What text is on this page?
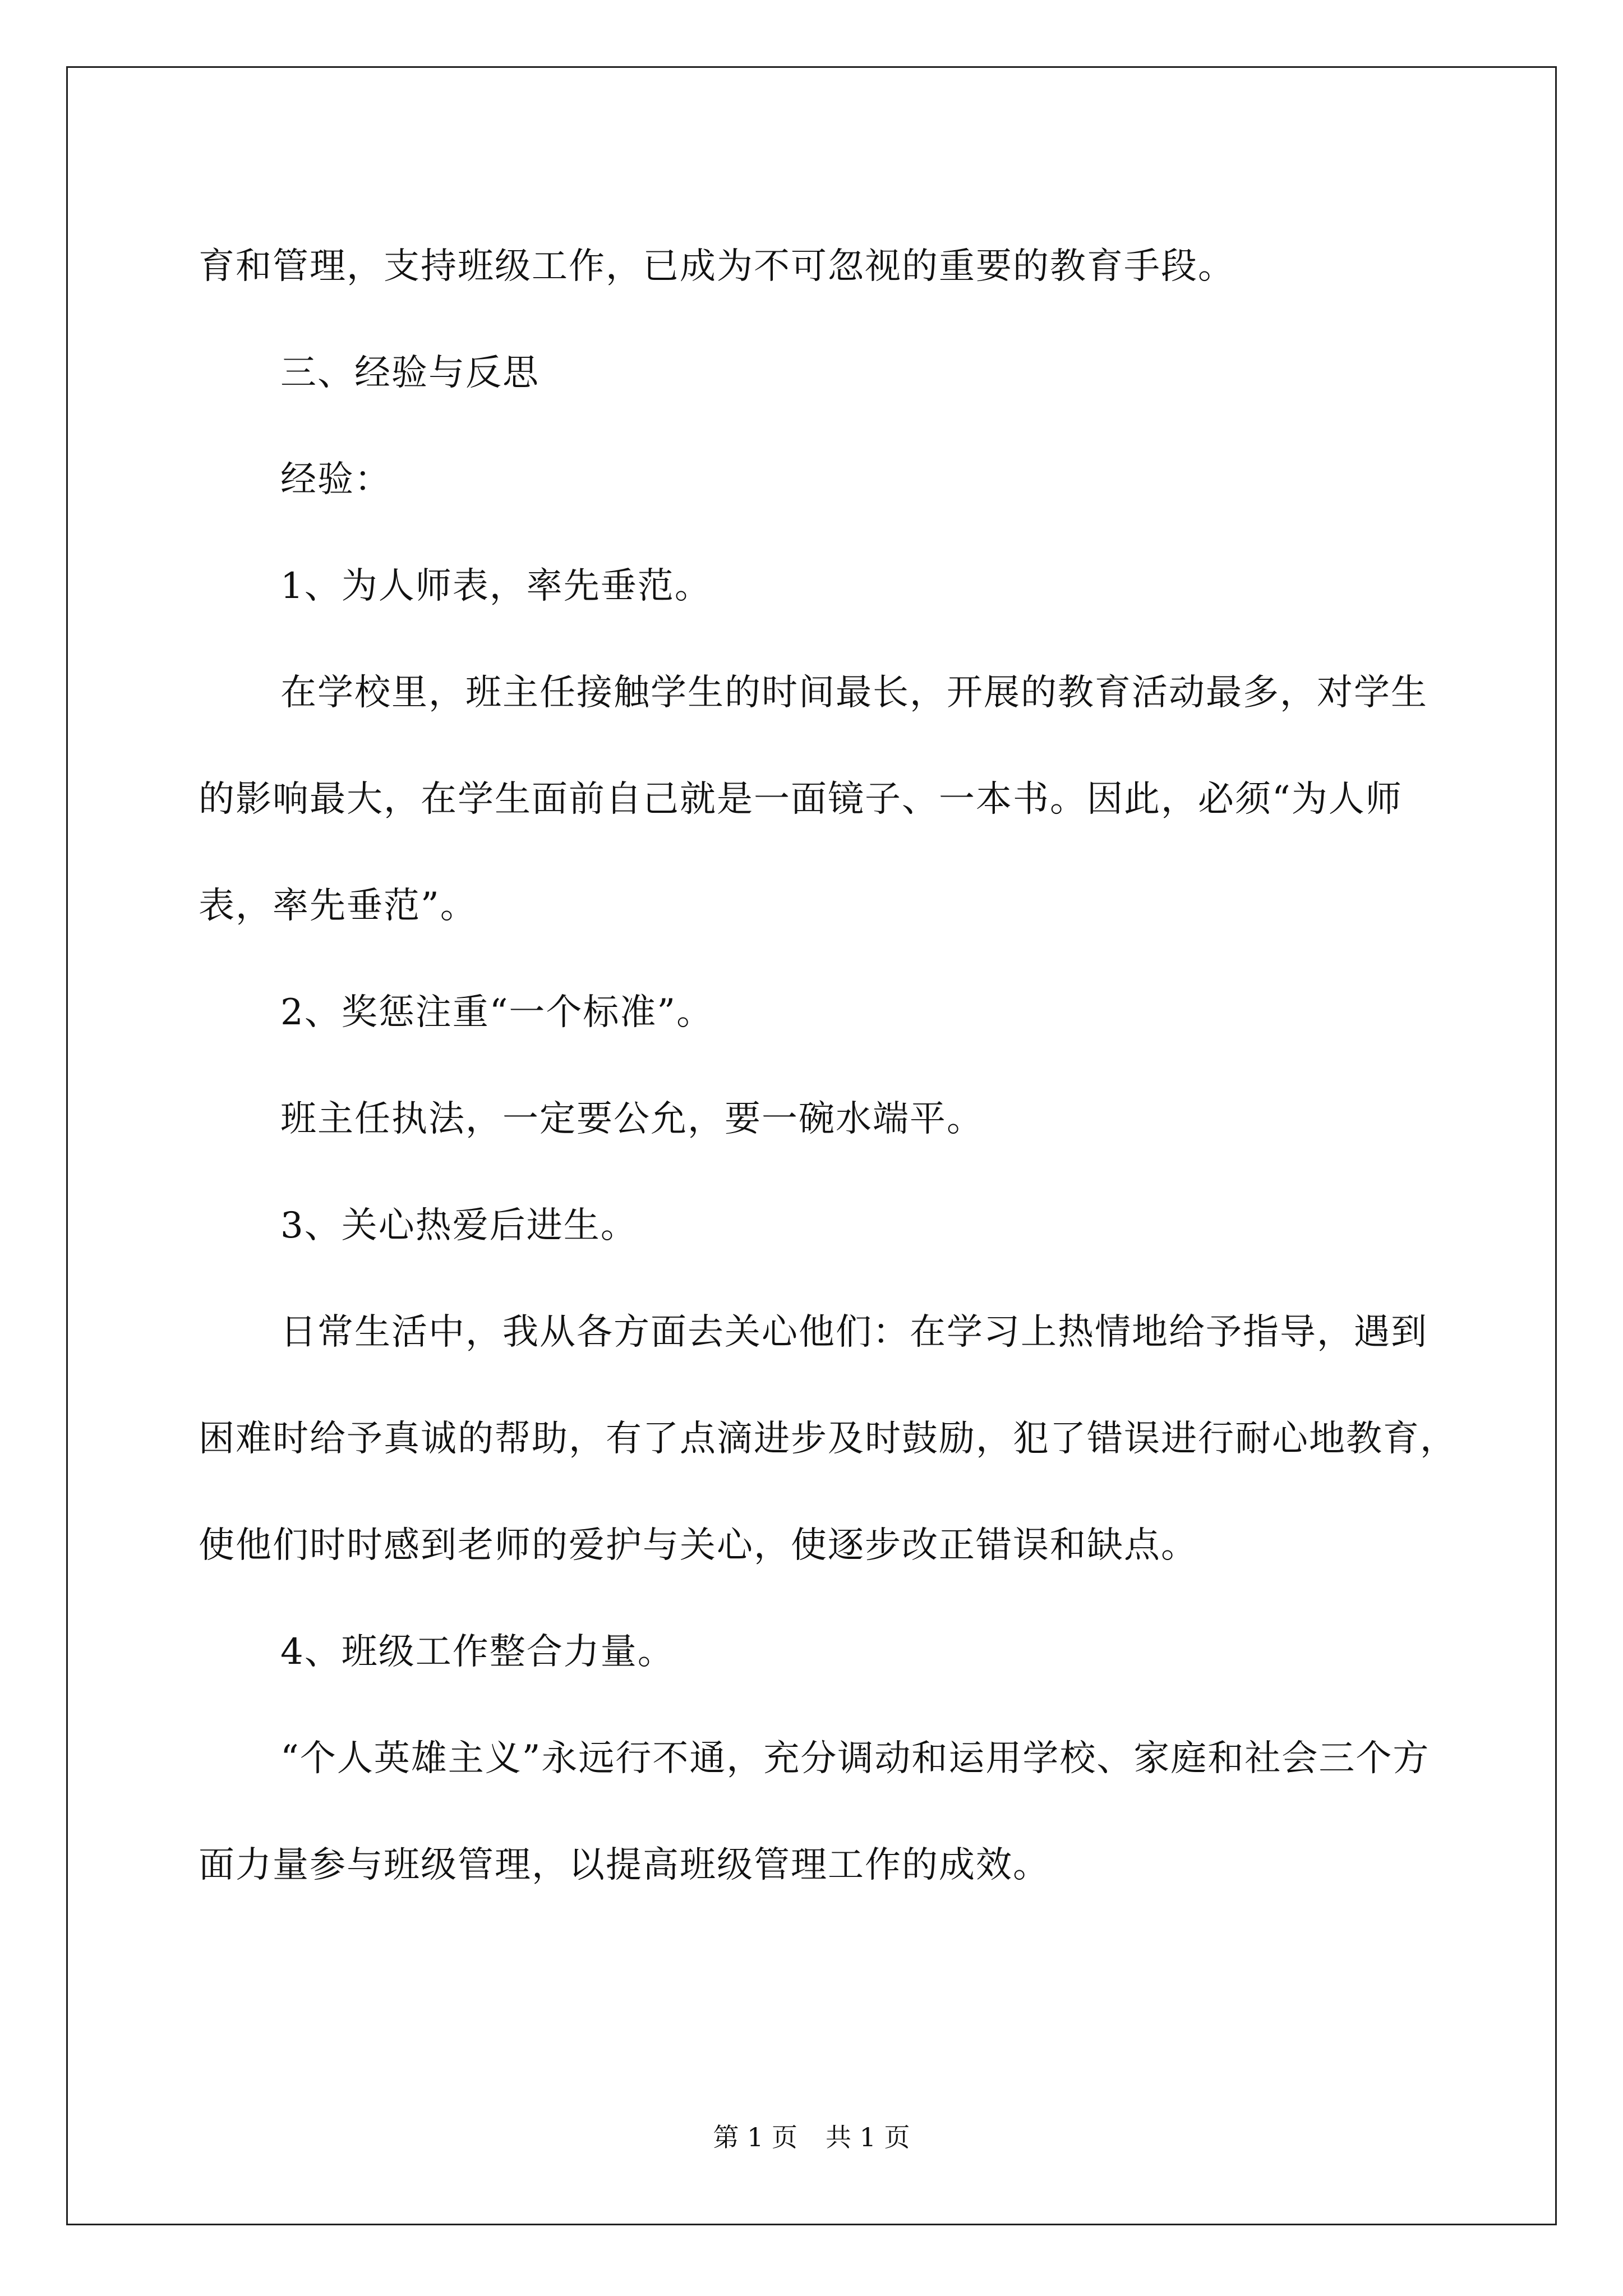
育和管理，支持班级工作，已成为不可忽视的重要的教育手段。

三、经验与反思

经验：

1、为人师表，率先垂范。

在学校里，班主任接触学生的时间最长，开展的教育活动最多，对学生的影响最大，在学生面前自己就是一面镜子、一本书。因此，必须“为人师表，率先垂范”。

2、奖惩注重“一个标准”。

班主任执法，一定要公允，要一碗水端平。

3、关心热爱后进生。

日常生活中，我从各方面去关心他们：在学习上热情地给予指导，遇到困难时给予真诚的帮助，有了点滴进步及时鼓励，犯了错误进行耐心地教育，使他们时时感到老师的爱护与关心，使逐步改正错误和缺点。

4、班级工作整合力量。

“个人英雄主义”永远行不通，充分调动和运用学校、家庭和社会三个方面力量参与班级管理，以提高班级管理工作的成效。

第 1 页 共 1 页
